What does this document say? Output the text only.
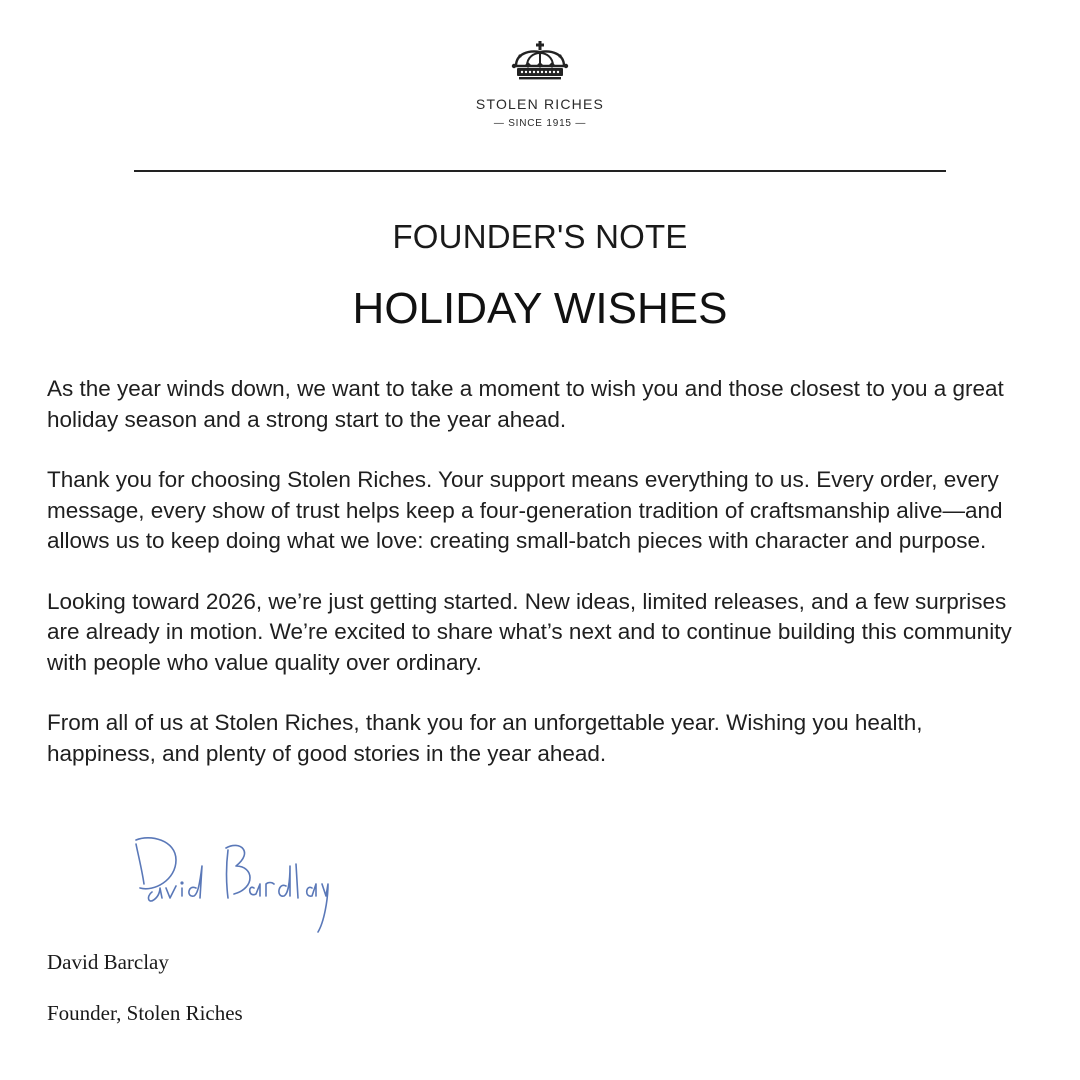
STOLEN RICHES
— SINCE 1915 —
FOUNDER'S NOTE
HOLIDAY WISHES

As the year winds down, we want to take a moment to wish you and those closest to you a great holiday season and a strong start to the year ahead.

Thank you for choosing Stolen Riches. Your support means everything to us. Every order, every message, every show of trust helps keep a four-generation tradition of craftsmanship alive—and allows us to keep doing what we love: creating small-batch pieces with character and purpose.

Looking toward 2026, we’re just getting started. New ideas, limited releases, and a few surprises are already in motion. We’re excited to share what’s next and to continue building this community with people who value quality over ordinary.

From all of us at Stolen Riches, thank you for an unforgettable year. Wishing you health, happiness, and plenty of good stories in the year ahead.

David Barclay
Founder, Stolen Riches
